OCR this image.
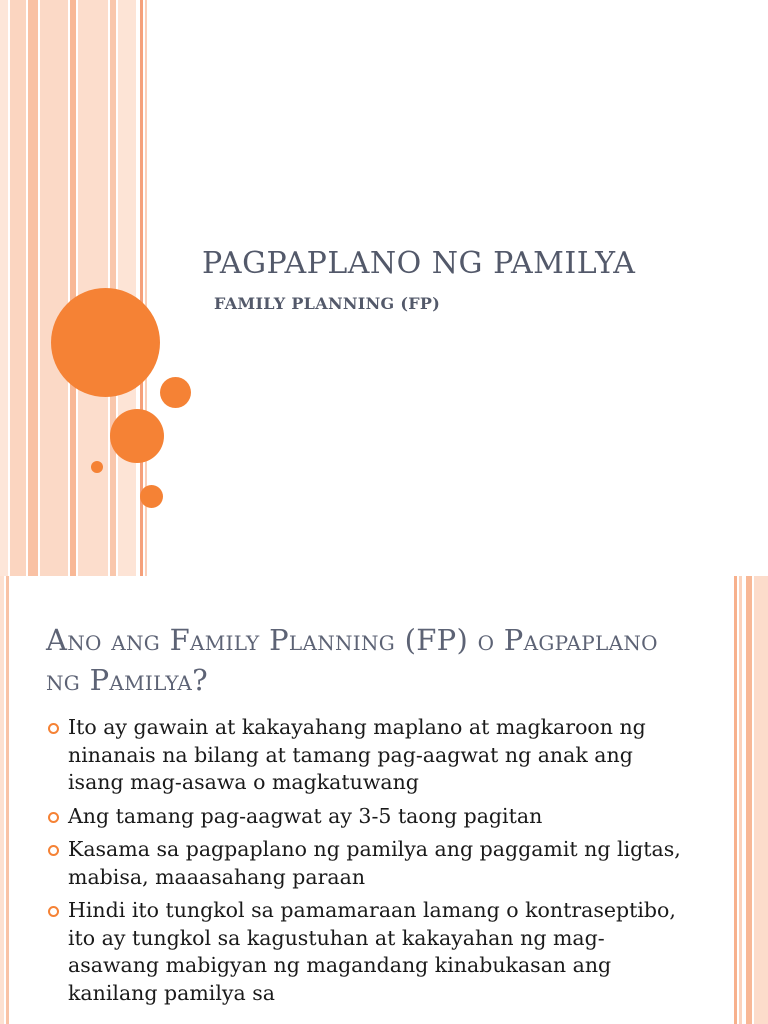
PAGPAPLANO NG PAMILYA
FAMILY PLANNING (FP)
Ano ang Family Planning (FP) o Pagpaplano ng Pamilya?
Ito ay gawain at kakayahang maplano at magkaroon ng ninanais na bilang at tamang pag-aagwat ng anak ang isang mag-asawa o magkatuwang
Ang tamang pag-aagwat ay 3-5 taong pagitan
Kasama sa pagpaplano ng pamilya ang paggamit ng ligtas, mabisa, maaasahang paraan
Hindi ito tungkol sa pamamaraan lamang o kontraseptibo, ito ay tungkol sa kagustuhan at kakayahan ng mag-asawang mabigyan ng magandang kinabukasan ang kanilang pamilya sa
